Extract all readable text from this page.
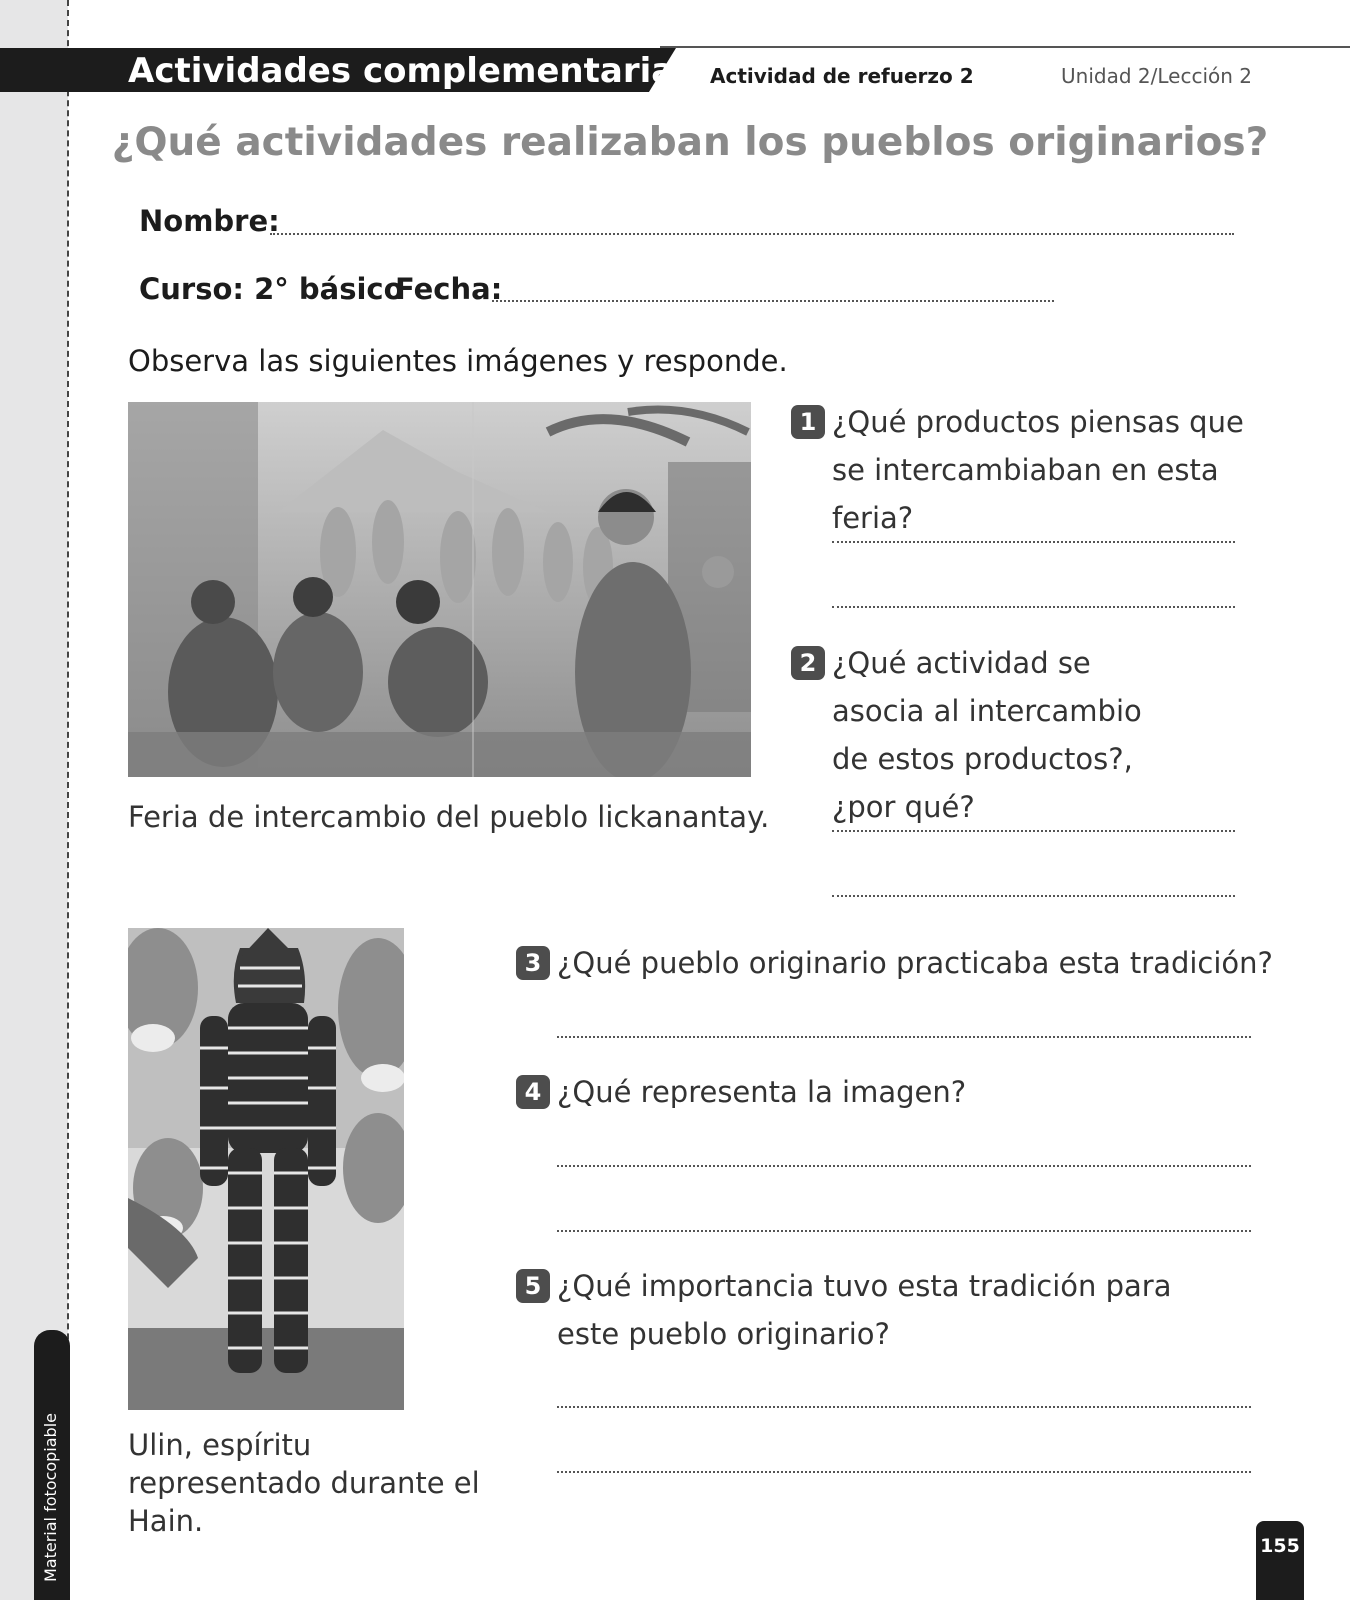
Material fotocopiable
Actividades complementarias Actividad de refuerzo 2	Unidad 2/Lección 2
¿Qué actividades realizaban los pueblos originarios?
Nombre:
Curso: 2° básico
Fecha:
Observa las siguientes imágenes y responde.
Feria de intercambio del pueblo lickanantay.
1 ¿Qué productos piensas que se intercambiaban en esta feria?
2 ¿Qué actividad se asocia al intercambio de estos productos?, ¿por qué?
Ulin, espíritu representado durante el Hain.
3 ¿Qué pueblo originario practicaba esta tradición?
4 ¿Qué representa la imagen?
5 ¿Qué importancia tuvo esta tradición para este pueblo originario?
155
